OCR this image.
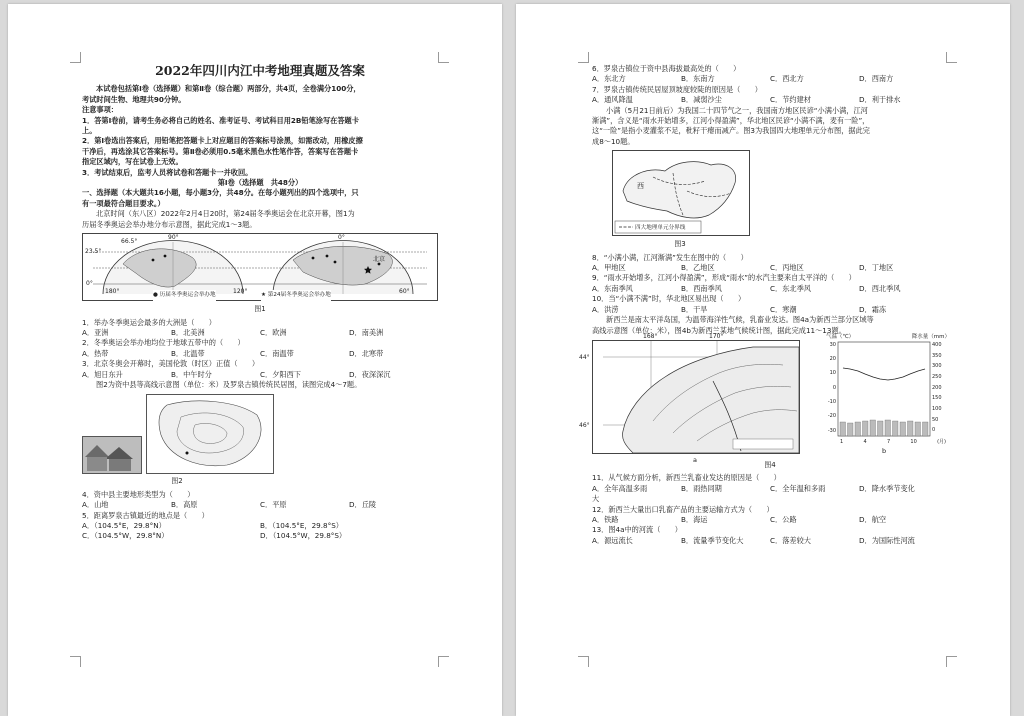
2022年四川内江中考地理真题及答案

本试卷包括第Ⅰ卷（选择题）和第Ⅱ卷（综合题）两部分，共4页，全卷满分100分，

考试时间生物、地理共90分钟。

注意事项：

1．答第Ⅰ卷前，请考生务必将自己的姓名、准考证号、考试科目用2B铅笔涂写在答题卡

上。

2．第Ⅰ卷选出答案后，用铅笔把答题卡上对应题目的答案标号涂黑，如需改动，用橡皮擦

干净后，再选涂其它答案标号。第Ⅱ卷必须用0.5毫米黑色水性笔作答，答案写在答题卡

指定区域内，写在试卷上无效。

3．考试结束后，监考人员将试卷和答题卡一并收回。

第Ⅰ卷（选择题　共48分）

一、选择题（本大题共16小题，每小题3分，共48分。在每小题列出的四个选项中，只

有一项最符合题目要求。）

北京时间（东八区）2022年2月4日20时，第24届冬季奥运会在北京开幕，图1为

历届冬季奥运会举办地分布示意图，据此完成1～3题。

66.5°
23.5°
0°
90°
180°	120°	60°
0°
北京
● 历届冬季奥运会举办地	★ 第24届冬季奥运会举办地
图1

1．举办冬季奥运会最多的大洲是（　　）

A．亚洲	B．北美洲	C．欧洲	D．南美洲

2．冬季奥运会举办地均位于地球五带中的（　　）

A．热带	B．北温带	C．南温带	D．北寒带

3．北京冬奥会开幕时，美国伦敦（时区）正值（　　）

A．旭日东升	B．中午时分	C．夕阳西下	D．夜深深沉

图2为资中县等高线示意图（单位：米）及罗泉古镇传统民居图，读图完成4～7题。

图2

4．资中县主要地形类型为（　　）

A．山地	B．高原	C．平原	D．丘陵

5．距离罗泉古镇最近的地点是（　　）

A．（104.5°E，29.8°N）	B．（104.5°E，29.8°S）
C．（104.5°W，29.8°N）	D．（104.5°W，29.8°S）

6．罗泉古镇位于资中县海拔最高处的（　　）

A．东北方	B．东南方	C．西北方	D．西南方

7．罗泉古镇传统民居屋顶坡度较陡的原因是（　　）

A．通风降温	B．减弱沙尘	C．节约建材	D．利于排水

小满（5月21日前后）为我国二十四节气之一，我国南方地区民谚“小满小满，江河

渐满”，含义是“雨水开始增多，江河小得盈满”，华北地区民谚“小满不满，麦有一险”，

这“一险”是指小麦灌浆不足，秕籽干瘪而减产。图3为我国四大地理单元分布图，据此完

成8～10题。

西
四大地理单元分界线
图3

8．“小满小满，江河渐满”发生在图中的（　　）

A．甲地区	B．乙地区	C．丙地区	D．丁地区

9．“雨水开始增多，江河小得盈满”，形成“雨水”的水汽主要来自太平洋的（　　）

A．东南季风	B．西南季风	C．东北季风	D．西北季风

10．当“小满不满”时，华北地区易出现（　　）

A．洪涝	B．干旱	C．寒潮	D．霜冻

新西兰是南太平洋岛国，为温带海洋性气候，乳畜业发达。图4a为新西兰部分区域等

高线示意图（单位：米），图4b为新西兰某地气候统计图，据此完成11～13题。

168°	170°
44°
46°
a
气温（℃）	降水量（mm）
30
20
10
0
-10
-20
-30
400
350
300
250
200
150
100
50
0
1	4	7	10	(月)
b
图4

11．从气候方面分析，新西兰乳畜业发达的原因是（　　）

A．全年高温多雨	B．雨热同期	C．全年温和多雨	D．降水季节变化

大

12．新西兰大量出口乳畜产品的主要运输方式为（　　）

A．铁路	B．海运	C．公路	D．航空

13．图4a中的河流（　　）

A．源远流长	B．流量季节变化大	C．落差较大	D．为国际性河流
